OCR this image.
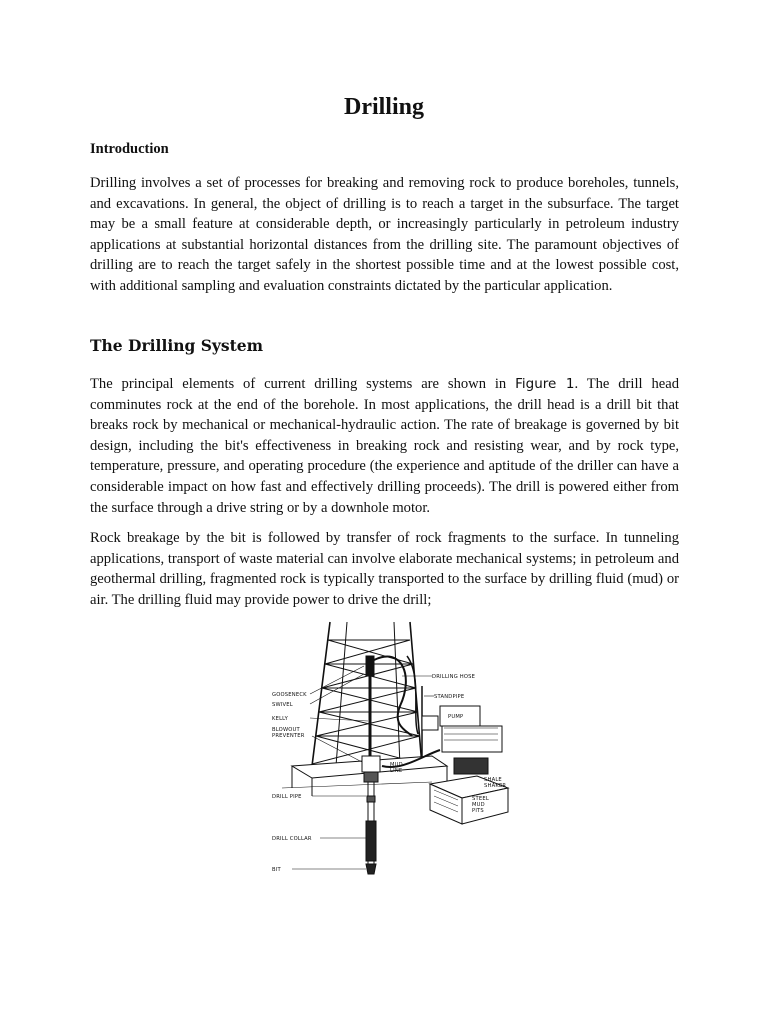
Drilling
Introduction

Drilling involves a set of processes for breaking and removing rock to produce boreholes, tunnels, and excavations. In general, the object of drilling is to reach a target in the subsurface. The target may be a small feature at considerable depth, or increasingly particularly in petroleum industry applications at substantial horizontal distances from the drilling site. The paramount objectives of drilling are to reach the target safely in the shortest possible time and at the lowest possible cost, with additional sampling and evaluation constraints dictated by the particular application.

The Drilling System

The principal elements of current drilling systems are shown in Figure 1. The drill head comminutes rock at the end of the borehole. In most applications, the drill head is a drill bit that breaks rock by mechanical or mechanical-hydraulic action. The rate of breakage is governed by bit design, including the bit's effectiveness in breaking rock and resisting wear, and by rock type, temperature, pressure, and operating procedure (the experience and aptitude of the driller can have a considerable impact on how fast and effectively drilling proceeds). The drill is powered either from the surface through a drive string or by a downhole motor.

Rock breakage by the bit is followed by transfer of rock fragments to the surface. In tunneling applications, transport of waste material can involve elaborate mechanical systems; in petroleum and geothermal drilling, fragmented rock is typically transported to the surface by drilling fluid (mud) or air. The drilling fluid may provide power to drive the drill;

DRILLING HOSE
GOOSENECK
SWIVEL
STANDPIPE
KELLY	PUMP
BLOWOUT
PREVENTER
MUD
LINE
SHALE
SHAKER
DRILL PIPE	STEEL
MUD
PITS
DRILL COLLAR
BIT
